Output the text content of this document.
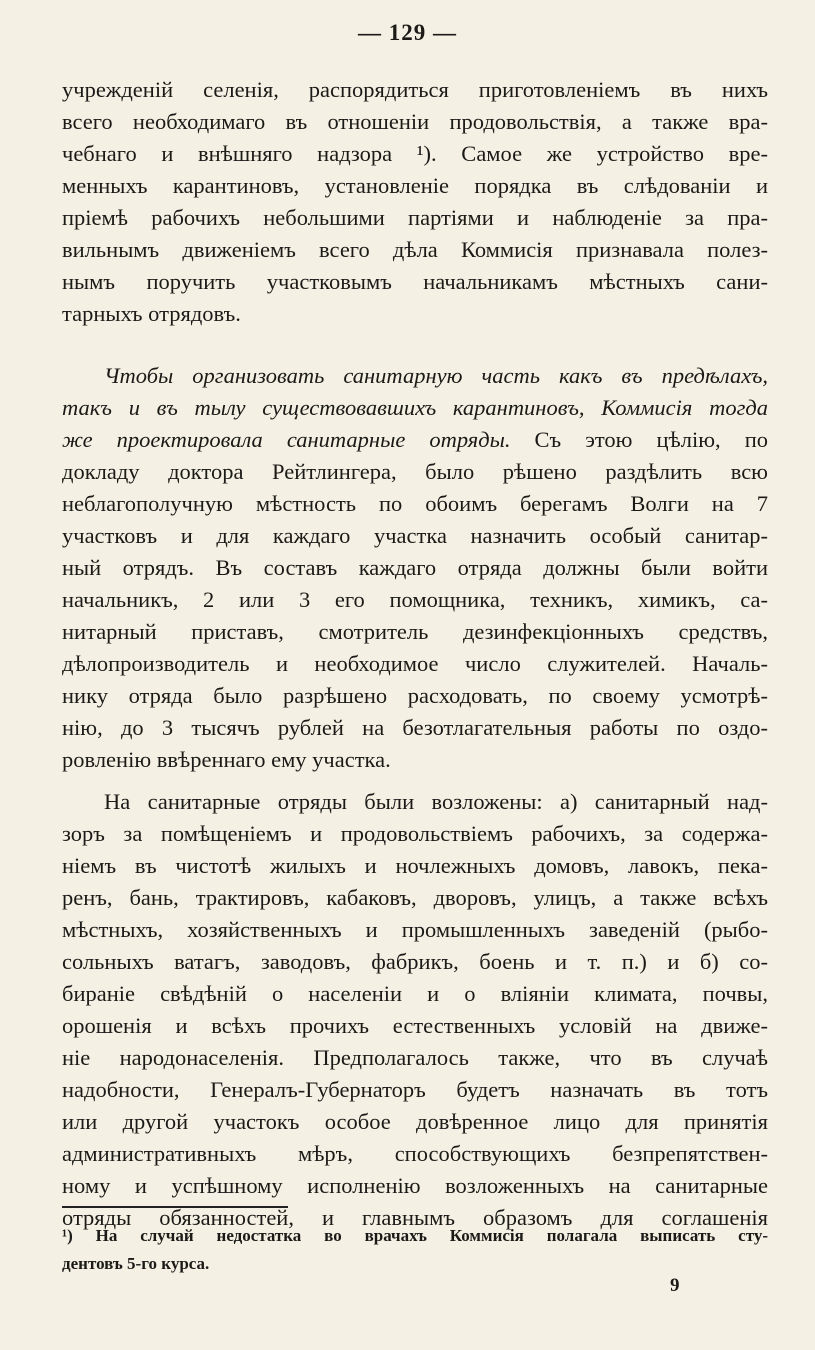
— 129 —
учрежденій селенія, распорядиться приготовленіемъ въ нихъ
всего необходимаго въ отношеніи продовольствія, а также вра-
чебнаго и внѣшняго надзора ¹). Самое же устройство вре-
менныхъ карантиновъ, установленіе порядка въ слѣдованіи и
пріемѣ рабочихъ небольшими партіями и наблюденіе за пра-
вильнымъ движеніемъ всего дѣла Коммисія признавала полез-
нымъ поручить участковымъ начальникамъ мѣстныхъ сани-
тарныхъ отрядовъ.
Чтобы организовать санитарную часть какъ въ предѣлахъ,
такъ и въ тылу существовавшихъ карантиновъ, Коммисія тогда
же проектировала санитарные отряды. Съ этою цѣлію, по
докладу доктора Рейтлингера, было рѣшено раздѣлить всю
неблагополучную мѣстность по обоимъ берегамъ Волги на 7
участковъ и для каждаго участка назначить особый санитар-
ный отрядъ. Въ составъ каждаго отряда должны были войти
начальникъ, 2 или 3 его помощника, техникъ, химикъ, са-
нитарный приставъ, смотритель дезинфекціонныхъ средствъ,
дѣлопроизводитель и необходимое число служителей. Началь-
нику отряда было разрѣшено расходовать, по своему усмотрѣ-
нію, до 3 тысячъ рублей на безотлагательныя работы по оздо-
ровленію ввѣреннаго ему участка.
На санитарные отряды были возложены: а) санитарный над-
зоръ за помѣщеніемъ и продовольствіемъ рабочихъ, за содержа-
ніемъ въ чистотѣ жилыхъ и ночлежныхъ домовъ, лавокъ, пека-
ренъ, бань, трактировъ, кабаковъ, дворовъ, улицъ, а также всѣхъ
мѣстныхъ, хозяйственныхъ и промышленныхъ заведеній (рыбо-
сольныхъ ватагъ, заводовъ, фабрикъ, боень и т. п.) и б) со-
биранiе свѣдѣній о населеніи и о вліяніи климата, почвы,
орошенія и всѣхъ прочихъ естественныхъ условій на движе-
ніе народонаселенія. Предполагалось также, что въ случаѣ
надобности, Генералъ-Губернаторъ будетъ назначать въ тотъ
или другой участокъ особое довѣренное лицо для принятія
административныхъ мѣръ, способствующихъ безпрепятствен-
ному и успѣшному исполненію возложенныхъ на санитарные
отряды обязанностей, и главнымъ образомъ для соглашенія
¹) На случай недостатка во врачахъ Коммисія полагала выписать сту-
дентовъ 5-го курса.
9
